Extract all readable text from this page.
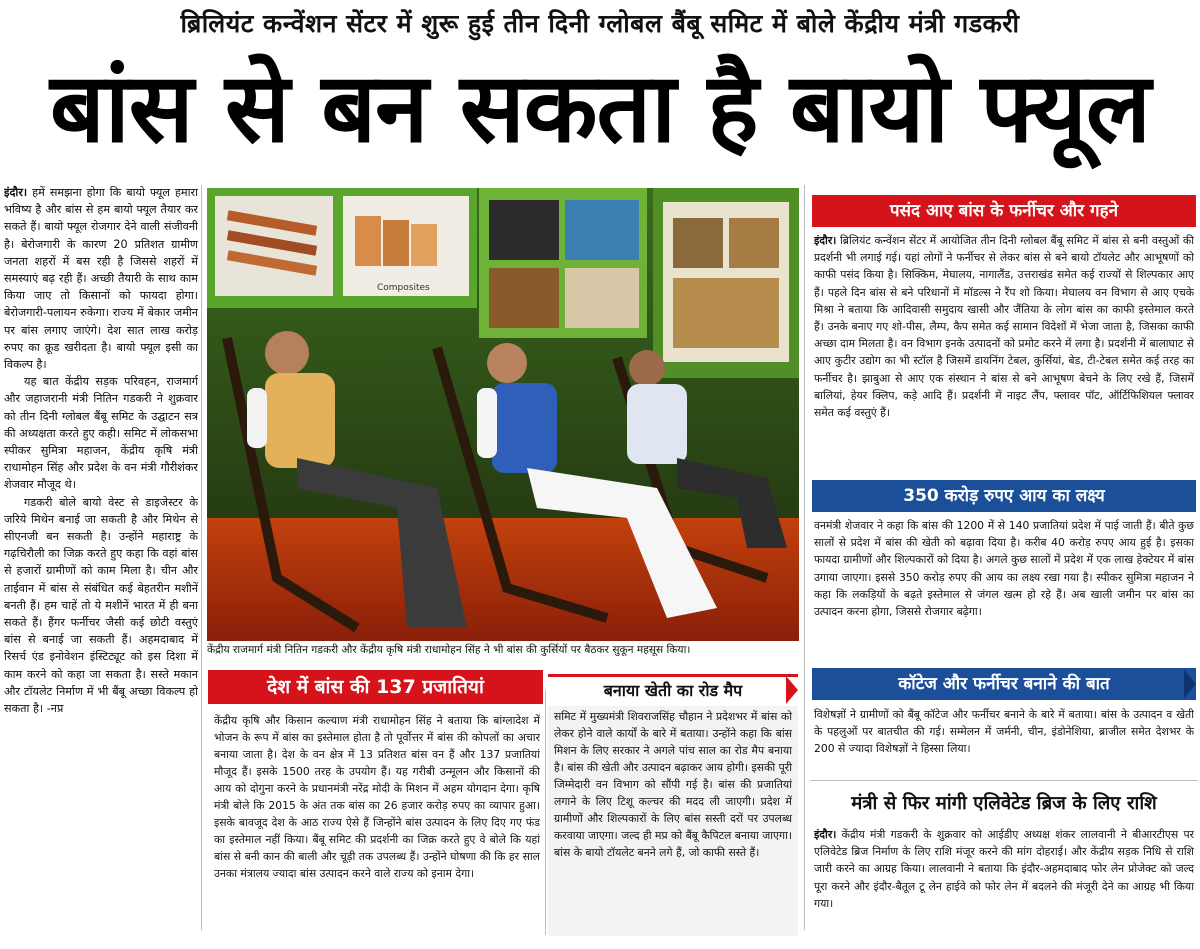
ब्रिलियंट कन्वेंशन सेंटर में शुरू हुई तीन दिनी ग्लोबल बैंबू समिट में बोले केंद्रीय मंत्री गडकरी
बांस से बन सकता है बायो फ्यूल

इंदौर। हमें समझना होगा कि बायो फ्यूल हमारा भविष्य है और बांस से हम बायो फ्यूल तैयार कर सकते हैं। बायो फ्यूल रोजगार देने वाली संजीवनी है। बेरोजगारी के कारण 20 प्रतिशत ग्रामीण जनता शहरों में बस रही है जिससे शहरों में समस्याएं बढ़ रही हैं। अच्छी तैयारी के साथ काम किया जाए तो किसानों को फायदा होगा। बेरोजगारी-पलायन रुकेगा। राज्य में बेकार जमीन पर बांस लगाए जाएंगे। देश सात लाख करोड़ रुपए का क्रूड खरीदता है। बायो फ्यूल इसी का विकल्प है।

यह बात केंद्रीय सड़क परिवहन, राजमार्ग और जहाजरानी मंत्री नितिन गडकरी ने शुक्रवार को तीन दिनी ग्लोबल बैंबू समिट के उद्घाटन सत्र की अध्यक्षता करते हुए कही। समिट में लोकसभा स्पीकर सुमित्रा महाजन, केंद्रीय कृषि मंत्री राधामोहन सिंह और प्रदेश के वन मंत्री गौरीशंकर शेजवार मौजूद थे।

गडकरी बोले बायो वेस्ट से डाइजेस्टर के जरिये मिथेन बनाई जा सकती है और मिथेन से सीएनजी बन सकती है। उन्होंने महाराष्ट्र के गढ़चिरौली का जिक्र करते हुए कहा कि वहां बांस से हजारों ग्रामीणों को काम मिला है। चीन और ताईवान में बांस से संबंधित कई बेहतरीन मशीनें बनती हैं। हम चाहें तो ये मशीनें भारत में ही बना सकते हैं। हैंगर फर्नीचर जैसी कई छोटी वस्तुएं बांस से बनाई जा सकती हैं। अहमदाबाद में रिसर्च एंड इनोवेशन इंस्टिट्यूट को इस दिशा में काम करने को कहा जा सकता है। सस्ते मकान और टॉयलेट निर्माण में भी बैंबू अच्छा विकल्प हो सकता है। -नप्र

Composites
केंद्रीय राजमार्ग मंत्री नितिन गडकरी और केंद्रीय कृषि मंत्री राधामोहन सिंह ने भी बांस की कुर्सियों पर बैठकर सुकून महसूस किया।
देश में बांस की 137 प्रजातियां
केंद्रीय कृषि और किसान कल्याण मंत्री राधामोहन सिंह ने बताया कि बांग्लादेश में भोजन के रूप में बांस का इस्तेमाल होता है तो पूर्वोत्तर में बांस की कोपलों का अचार बनाया जाता है। देश के वन क्षेत्र में 13 प्रतिशत बांस वन हैं और 137 प्रजातियां मौजूद हैं। इसके 1500 तरह के उपयोग हैं। यह गरीबी उन्मूलन और किसानों की आय को दोगुना करने के प्रधानमंत्री नरेंद्र मोदी के मिशन में अहम योगदान देगा। कृषि मंत्री बोले कि 2015 के अंत तक बांस का 26 हजार करोड़ रुपए का व्यापार हुआ। इसके बावजूद देश के आठ राज्य ऐसे हैं जिन्होंने बांस उत्पादन के लिए दिए गए फंड का इस्तेमाल नहीं किया। बैंबू समिट की प्रदर्शनी का जिक्र करते हुए वे बोले कि यहां बांस से बनी कान की बाली और चूड़ी तक उपलब्ध हैं। उन्होंने घोषणा की कि हर साल उनका मंत्रालय ज्यादा बांस उत्पादन करने वाले राज्य को इनाम देगा।
बनाया खेती का रोड मैप
समिट में मुख्यमंत्री शिवराजसिंह चौहान ने प्रदेशभर में बांस को लेकर होने वाले कार्यों के बारे में बताया। उन्होंने कहा कि बांस मिशन के लिए सरकार ने अगले पांच साल का रोड मैप बनाया है। बांस की खेती और उत्पादन बढ़ाकर आय होगी। इसकी पूरी जिम्मेदारी वन विभाग को सौंपी गई है। बांस की प्रजातियां लगाने के लिए टिशू कल्चर की मदद ली जाएगी। प्रदेश में ग्रामीणों और शिल्पकारों के लिए बांस सस्ती दरों पर उपलब्ध करवाया जाएगा। जल्द ही मप्र को बैंबू कैपिटल बनाया जाएगा। बांस के बायो टॉयलेट बनने लगे हैं, जो काफी सस्ते हैं।
पसंद आए बांस के फर्नीचर और गहने
इंदौर। ब्रिलियंट कन्वेंशन सेंटर में आयोजित तीन दिनी ग्लोबल बैंबू समिट में बांस से बनी वस्तुओं की प्रदर्शनी भी लगाई गई। यहां लोगों ने फर्नीचर से लेकर बांस से बने बायो टॉयलेट और आभूषणों को काफी पसंद किया है। सिक्किम, मेघालय, नागालैंड, उत्तराखंड समेत कई राज्यों से शिल्पकार आए हैं। पहले दिन बांस से बने परिधानों में मॉडल्स ने रैंप शो किया। मेघालय वन विभाग से आए एचके मिश्रा ने बताया कि आदिवासी समुदाय खासी और जैंतिया के लोग बांस का काफी इस्तेमाल करते हैं। उनके बनाए गए शो-पीस, लैम्प, कैप समेत कई सामान विदेशों में भेजा जाता है, जिसका काफी अच्छा दाम मिलता है। वन विभाग इनके उत्पादनों को प्रमोट करने में लगा है। प्रदर्शनी में बालाघाट से आए कुटीर उद्योग का भी स्टॉल है जिसमें डायनिंग टेबल, कुर्सियां, बेड, टी-टेबल समेत कई तरह का फर्नीचर है। झाबुआ से आए एक संस्थान ने बांस से बने आभूषण बेचने के लिए रखे हैं, जिसमें बालियां, हेयर क्लिप, कड़े आदि हैं। प्रदर्शनी में नाइट लैंप, फ्लावर पॉट, ऑर्टिफिशियल फ्लावर समेत कई वस्तुएं हैं।
350 करोड़ रुपए आय का लक्ष्य
वनमंत्री शेजवार ने कहा कि बांस की 1200 में से 140 प्रजातियां प्रदेश में पाई जाती हैं। बीते कुछ सालों से प्रदेश में बांस की खेती को बढ़ावा दिया है। करीब 40 करोड़ रुपए आय हुई है। इसका फायदा ग्रामीणों और शिल्पकारों को दिया है। अगले कुछ सालों में प्रदेश में एक लाख हेक्टेयर में बांस उगाया जाएगा। इससे 350 करोड़ रुपए की आय का लक्ष्य रखा गया है। स्पीकर सुमित्रा महाजन ने कहा कि लकड़ियों के बढ़ते इस्तेमाल से जंगल खत्म हो रहे हैं। अब खाली जमीन पर बांस का उत्पादन करना होगा, जिससे रोजगार बढ़ेगा।
कॉटेज और फर्नीचर बनाने की बात
विशेषज्ञों ने ग्रामीणों को बैंबू कॉटेज और फर्नीचर बनाने के बारे में बताया। बांस के उत्पादन व खेती के पहलुओं पर बातचीत की गई। सम्मेलन में जर्मनी, चीन, इंडोनेशिया, ब्राजील समेत देशभर के 200 से ज्यादा विशेषज्ञों ने हिस्सा लिया।
मंत्री से फिर मांगी एलिवेटेड ब्रिज के लिए राशि
इंदौर। केंद्रीय मंत्री गडकरी के शुक्रवार को आईडीए अध्यक्ष शंकर लालवानी ने बीआरटीएस पर एलिवेटेड ब्रिज निर्माण के लिए राशि मंजूर करने की मांग दोहराई। और केंद्रीय सड़क निधि से राशि जारी करने का आग्रह किया। लालवानी ने बताया कि इंदौर-अहमदाबाद फोर लेन प्रोजेक्ट को जल्द पूरा करने और इंदौर-बैतूल टू लेन हाईवे को फोर लेन में बदलने की मंजूरी देने का आग्रह भी किया गया।
